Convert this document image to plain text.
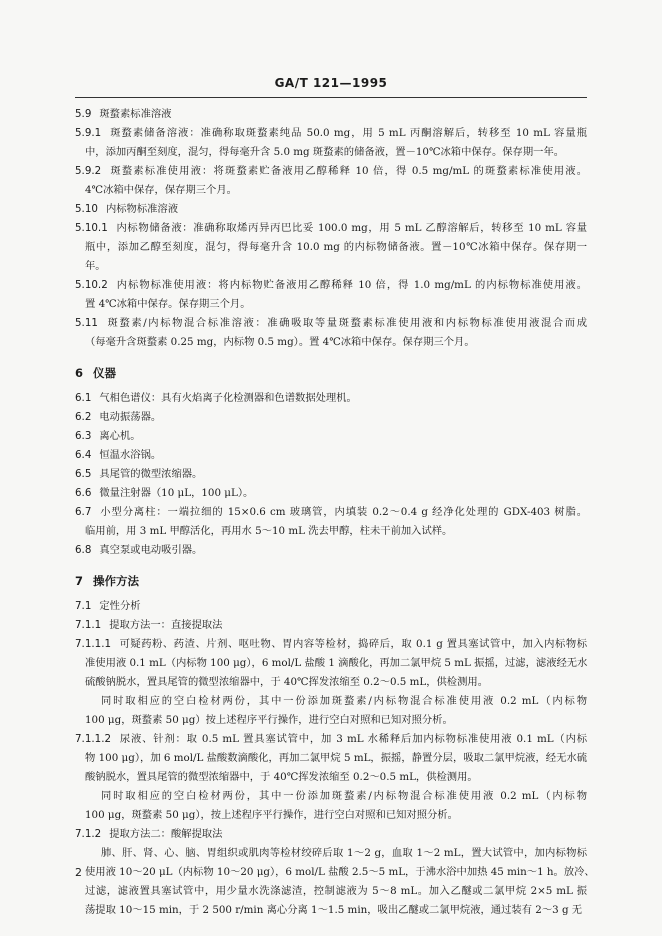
GA/T 121—1995

5.9 斑蝥素标准溶液

5.9.1 斑蝥素储备溶液：准确称取斑蝥素纯品 50.0 mg，用 5 mL 丙酮溶解后，转移至 10 mL 容量瓶

中，添加丙酮至刻度，混匀，得每毫升含 5.0 mg 斑蝥素的储备液，置－10℃冰箱中保存。保存期一年。

5.9.2 斑蝥素标准使用液：将斑蝥素贮备液用乙醇稀释 10 倍，得 0.5 mg/mL 的斑蝥素标准使用液。

4℃冰箱中保存，保存期三个月。

5.10 内标物标准溶液

5.10.1 内标物储备液：准确称取烯丙异丙巴比妥 100.0 mg，用 5 mL 乙醇溶解后，转移至 10 mL 容量

瓶中，添加乙醇至刻度，混匀，得每毫升含 10.0 mg 的内标物储备液。置－10℃冰箱中保存。保存期一

年。

5.10.2 内标物标准使用液：将内标物贮备液用乙醇稀释 10 倍，得 1.0 mg/mL 的内标物标准使用液。

置 4℃冰箱中保存。保存期三个月。

5.11 斑蝥素/内标物混合标准溶液：准确吸取等量斑蝥素标准使用液和内标物标准使用液混合而成

（每毫升含斑蝥素 0.25 mg，内标物 0.5 mg）。置 4℃冰箱中保存。保存期三个月。

6 仪器

6.1 气相色谱仪：具有火焰离子化检测器和色谱数据处理机。

6.2 电动振荡器。

6.3 离心机。

6.4 恒温水浴锅。

6.5 具尾管的微型浓缩器。

6.6 微量注射器（10 μL，100 μL）。

6.7 小型分离柱：一端拉细的 15×0.6 cm 玻璃管，内填装 0.2～0.4 g 经净化处理的 GDX-403 树脂。

临用前，用 3 mL 甲醇活化，再用水 5～10 mL 洗去甲醇，柱未干前加入试样。

6.8 真空泵或电动吸引器。

7 操作方法

7.1 定性分析

7.1.1 提取方法一：直接提取法

7.1.1.1 可疑药粉、药渣、片剂、呕吐物、胃内容等检材，捣碎后，取 0.1 g 置具塞试管中，加入内标物标

准使用液 0.1 mL（内标物 100 μg），6 mol/L 盐酸 1 滴酸化，再加二氯甲烷 5 mL 振摇，过滤，滤液经无水

硫酸钠脱水，置具尾管的微型浓缩器中，于 40℃挥发浓缩至 0.2～0.5 mL，供检测用。

同时取相应的空白检材两份，其中一份添加斑蝥素/内标物混合标准使用液 0.2 mL（内标物

100 μg，斑蝥素 50 μg）按上述程序平行操作，进行空白对照和已知对照分析。

7.1.1.2 尿液、针剂：取 0.5 mL 置具塞试管中，加 3 mL 水稀释后加内标物标准使用液 0.1 mL（内标

物 100 μg），加 6 mol/L 盐酸数滴酸化，再加二氯甲烷 5 mL，振摇，静置分层，吸取二氯甲烷液，经无水硫

酸钠脱水，置具尾管的微型浓缩器中，于 40℃挥发浓缩至 0.2～0.5 mL，供检测用。

同时取相应的空白检材两份，其中一份添加斑蝥素/内标物混合标准使用液 0.2 mL（内标物

100 μg，斑蝥素 50 μg），按上述程序平行操作，进行空白对照和已知对照分析。

7.1.2 提取方法二：酸解提取法

肺、肝、肾、心、脑、胃组织或肌肉等检材绞碎后取 1～2 g，血取 1～2 mL，置大试管中，加内标物标

使用液 10～20 μL（内标物 10～20 μg），6 mol/L 盐酸 2.5～5 mL，于沸水浴中加热 45 min～1 h。放冷、

过滤，滤液置具塞试管中，用少量水洗涤滤渣，控制滤液为 5～8 mL。加入乙醚或二氯甲烷 2×5 mL 振

荡提取 10～15 min，于 2 500 r/min 离心分离 1～1.5 min，吸出乙醚或二氯甲烷液，通过装有 2～3 g 无

2
